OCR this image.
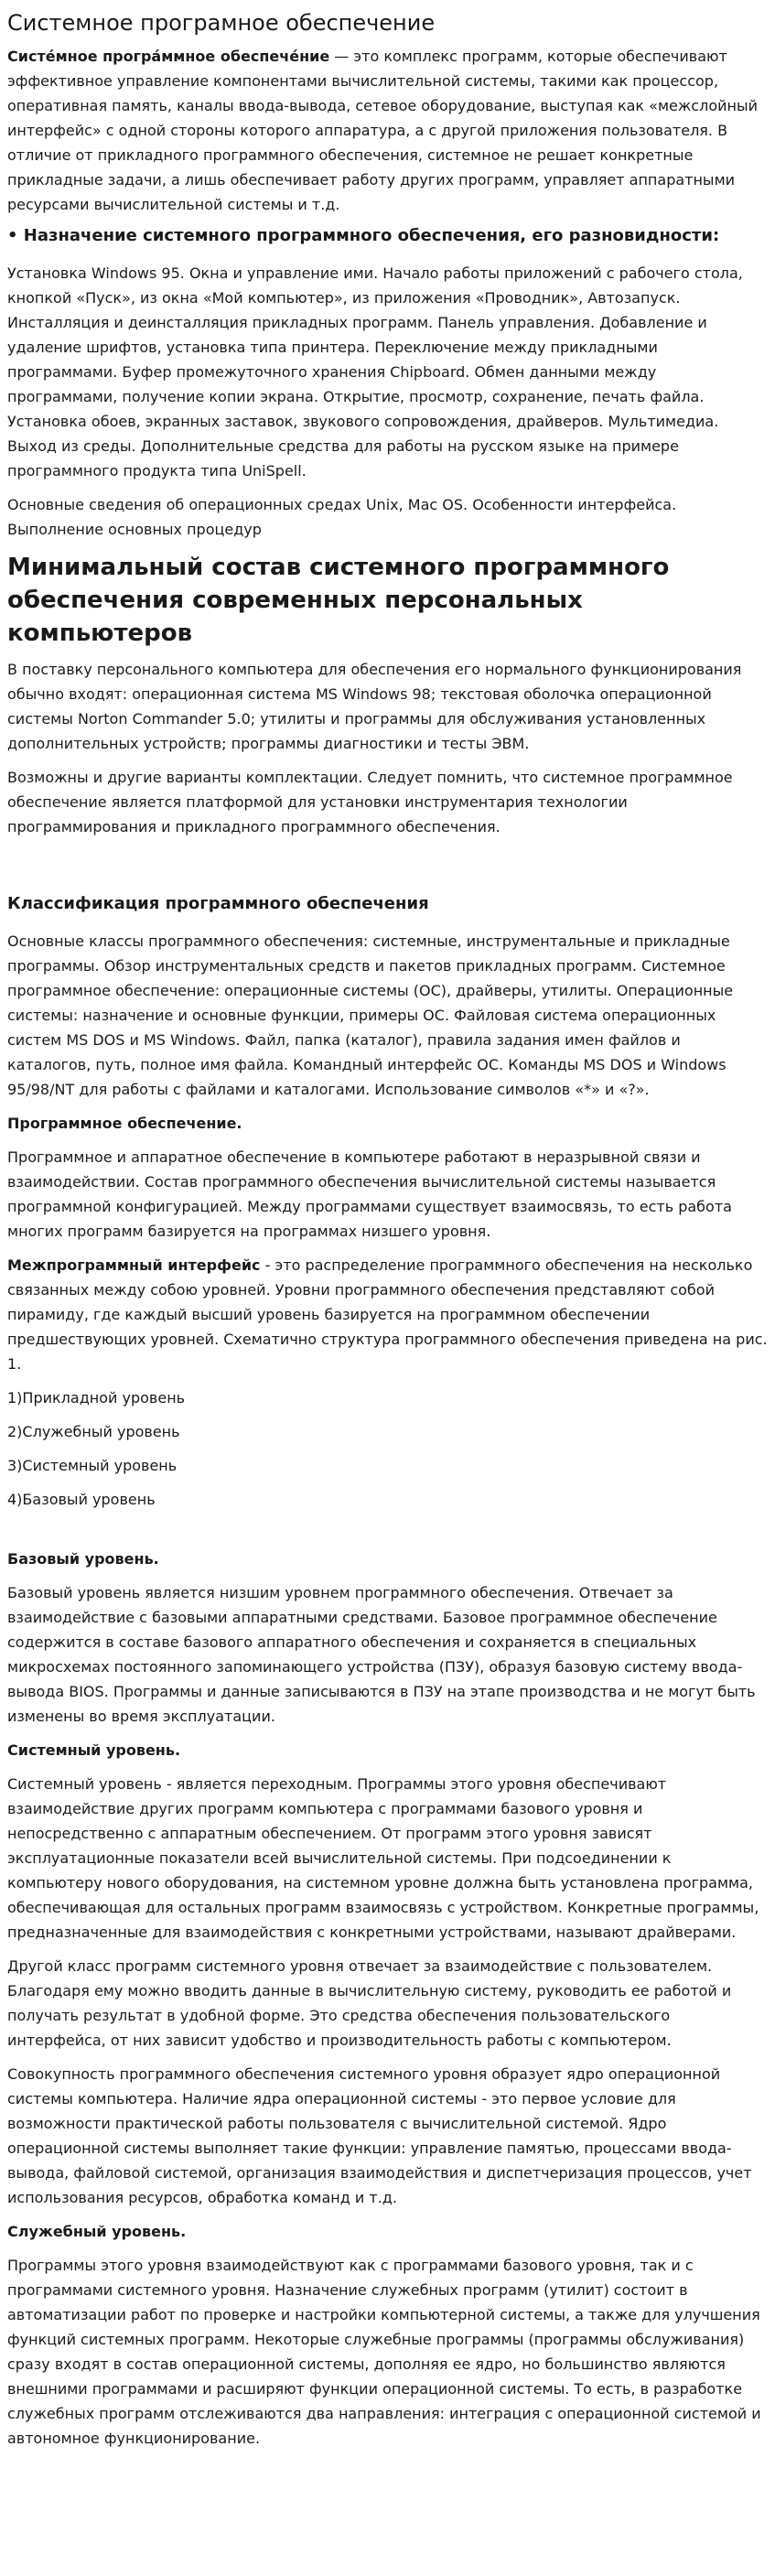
Системное програмное обеспечение

Систе́мное програ́ммное обеспече́ние — это комплекс программ, которые обеспечивают эффективное управление компонентами вычислительной системы, такими как процессор, оперативная память, каналы ввода-вывода, сетевое оборудование, выступая как «межслойный интерфейс» с одной стороны которого аппаратура, а с другой приложения пользователя. В отличие от прикладного программного обеспечения, системное не решает конкретные прикладные задачи, а лишь обеспечивает работу других программ, управляет аппаратными ресурсами вычислительной системы и т.д.

• Назначение системного программного обеспечения, его разновидности:

Установка Windows 95. Окна и управление ими. Начало работы приложений с рабочего стола, кнопкой «Пуск», из окна «Мой компьютер», из приложения «Проводник», Автозапуск. Инсталляция и деинсталляция прикладных программ. Панель управления. Добавление и удаление шрифтов, установка типа принтера. Переключение между прикладными программами. Буфер промежуточного хранения Chipboard. Обмен данными между программами, получение копии экрана. Открытие, просмотр, сохранение, печать файла. Установка обоев, экранных заставок, звукового сопровождения, драйверов. Мультимедиа. Выход из среды. Дополнительные средства для работы на русском языке на примере программного продукта типа UniSpell.

Основные сведения об операционных средах Unix, Mac OS. Особенности интерфейса. Выполнение основных процедур

Минимальный состав системного программного обеспечения современных персональных компьютеров

В поставку персонального компьютера для обеспечения его нормального функционирования обычно входят: операционная система MS Windows 98; текстовая оболочка операционной системы Norton Commander 5.0; утилиты и программы для обслуживания установленных дополнительных устройств; программы диагностики и тесты ЭВМ.

Возможны и другие варианты комплектации. Следует помнить, что системное программное обеспечение является платформой для установки инструментария технологии программирования и прикладного программного обеспечения.

Классификация программного обеспечения

Основные классы программного обеспечения: системные, инструментальные и прикладные программы. Обзор инструментальных средств и пакетов прикладных программ. Системное программное обеспечение: операционные системы (ОС), драйверы, утилиты. Операционные системы: назначение и основные функции, примеры ОС. Файловая система операционных систем MS DOS и MS Windows. Файл, папка (каталог), правила задания имен файлов и каталогов, путь, полное имя файла. Командный интерфейс ОС. Команды MS DOS и Windows 95/98/NT для работы с файлами и каталогами. Использование символов «*» и «?».

Программное обеспечение.

Программное и аппаратное обеспечение в компьютере работают в неразрывной связи и взаимодействии. Состав программного обеспечения вычислительной системы называется программной конфигурацией. Между программами существует взаимосвязь, то есть работа многих программ базируется на программах низшего уровня.

Межпрограммный интерфейс - это распределение программного обеспечения на несколько связанных между собою уровней. Уровни программного обеспечения представляют собой пирамиду, где каждый высший уровень базируется на программном обеспечении предшествующих уровней. Схематично структура программного обеспечения приведена на рис. 1.

1)Прикладной уровень

2)Служебный уровень

3)Системный уровень

4)Базовый уровень

Базовый уровень.

Базовый уровень является низшим уровнем программного обеспечения. Отвечает за взаимодействие с базовыми аппаратными средствами. Базовое программное обеспечение содержится в составе базового аппаратного обеспечения и сохраняется в специальных микросхемах постоянного запоминающего устройства (ПЗУ), образуя базовую систему ввода-вывода BIOS. Программы и данные записываются в ПЗУ на этапе производства и не могут быть изменены во время эксплуатации.

Системный уровень.

Системный уровень - является переходным. Программы этого уровня обеспечивают взаимодействие других программ компьютера с программами базового уровня и непосредственно с аппаратным обеспечением. От программ этого уровня зависят эксплуатационные показатели всей вычислительной системы. При подсоединении к компьютеру нового оборудования, на системном уровне должна быть установлена программа, обеспечивающая для остальных программ взаимосвязь с устройством. Конкретные программы, предназначенные для взаимодействия с конкретными устройствами, называют драйверами.

Другой класс программ системного уровня отвечает за взаимодействие с пользователем. Благодаря ему можно вводить данные в вычислительную систему, руководить ее работой и получать результат в удобной форме. Это средства обеспечения пользовательского интерфейса, от них зависит удобство и производительность работы с компьютером.

Совокупность программного обеспечения системного уровня образует ядро операционной системы компьютера. Наличие ядра операционной системы - это первое условие для возможности практической работы пользователя с вычислительной системой. Ядро операционной системы выполняет такие функции: управление памятью, процессами ввода-вывода, файловой системой, организация взаимодействия и диспетчеризация процессов, учет использования ресурсов, обработка команд и т.д.

Служебный уровень.

Программы этого уровня взаимодействуют как с программами базового уровня, так и с программами системного уровня. Назначение служебных программ (утилит) состоит в автоматизации работ по проверке и настройки компьютерной системы, а также для улучшения функций системных программ. Некоторые служебные программы (программы обслуживания) сразу входят в состав операционной системы, дополняя ее ядро, но большинство являются внешними программами и расширяют функции операционной системы. То есть, в разработке служебных программ отслеживаются два направления: интеграция с операционной системой и автономное функционирование.
